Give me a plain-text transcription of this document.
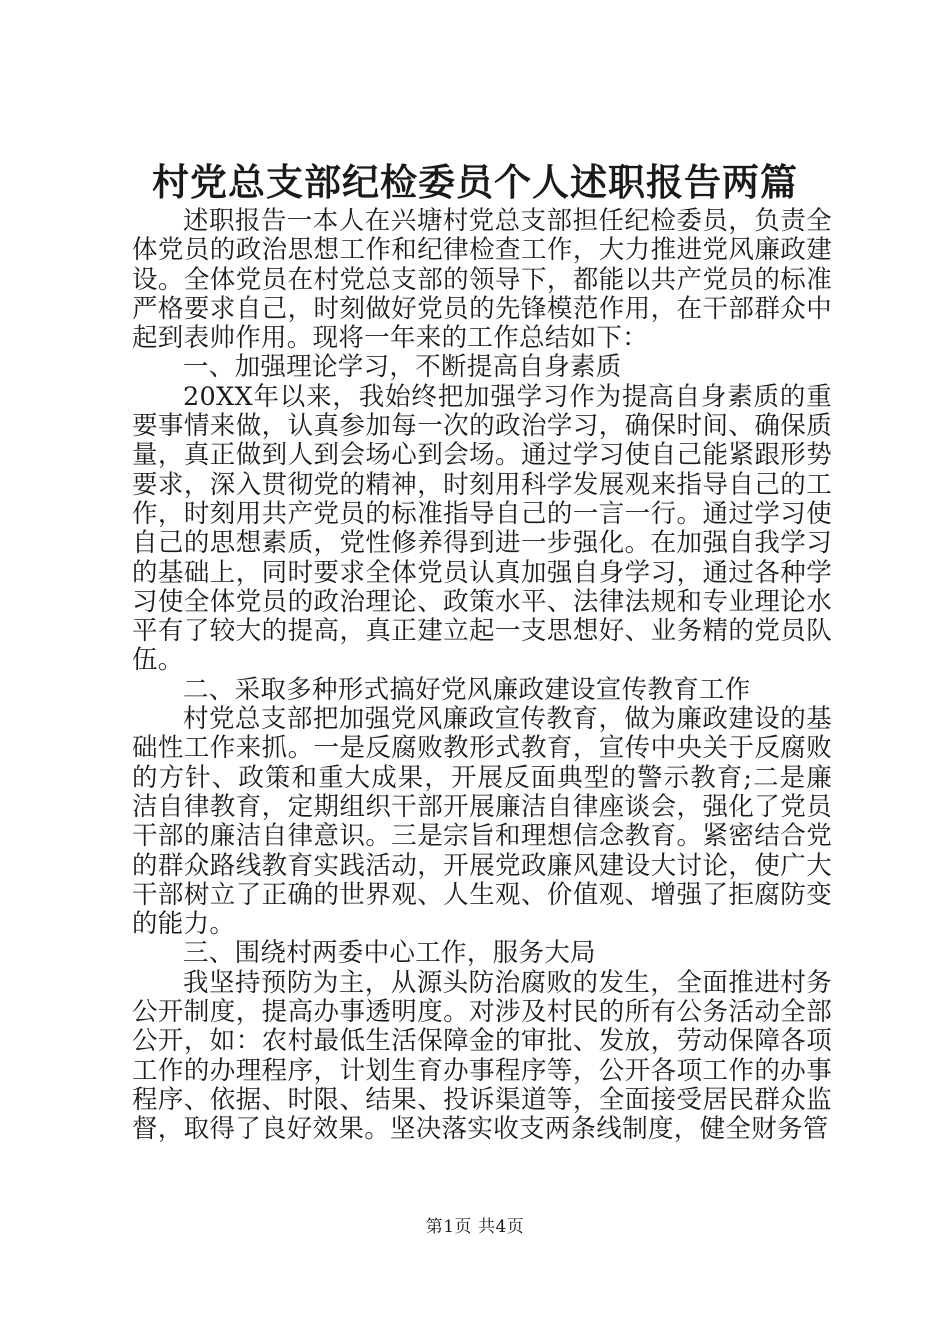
村党总支部纪检委员个人述职报告两篇

述职报告一本人在兴塘村党总支部担任纪检委员，负责全体党员的政治思想工作和纪律检查工作，大力推进党风廉政建设。全体党员在村党总支部的领导下，都能以共产党员的标准严格要求自己，时刻做好党员的先锋模范作用，在干部群众中起到表帅作用。现将一年来的工作总结如下：

一、加强理论学习，不断提高自身素质

20XX年以来，我始终把加强学习作为提高自身素质的重要事情来做，认真参加每一次的政治学习，确保时间、确保质量，真正做到人到会场心到会场。通过学习使自己能紧跟形势要求，深入贯彻党的精神，时刻用科学发展观来指导自己的工作，时刻用共产党员的标准指导自己的一言一行。通过学习使自己的思想素质，党性修养得到进一步强化。在加强自我学习的基础上，同时要求全体党员认真加强自身学习，通过各种学习使全体党员的政治理论、政策水平、法律法规和专业理论水平有了较大的提高，真正建立起一支思想好、业务精的党员队伍。

二、采取多种形式搞好党风廉政建设宣传教育工作

村党总支部把加强党风廉政宣传教育，做为廉政建设的基础性工作来抓。一是反腐败教形式教育，宣传中央关于反腐败的方针、政策和重大成果，开展反面典型的警示教育;二是廉洁自律教育，定期组织干部开展廉洁自律座谈会，强化了党员干部的廉洁自律意识。三是宗旨和理想信念教育。紧密结合党的群众路线教育实践活动，开展党政廉风建设大讨论，使广大干部树立了正确的世界观、人生观、价值观、增强了拒腐防变的能力。

三、围绕村两委中心工作，服务大局

我坚持预防为主，从源头防治腐败的发生，全面推进村务公开制度，提高办事透明度。对涉及村民的所有公务活动全部公开，如：农村最低生活保障金的审批、发放，劳动保障各项工作的办理程序，计划生育办事程序等，公开各项工作的办事程序、依据、时限、结果、投诉渠道等，全面接受居民群众监督，取得了良好效果。坚决落实收支两条线制度，健全财务管

第1页 共4页
